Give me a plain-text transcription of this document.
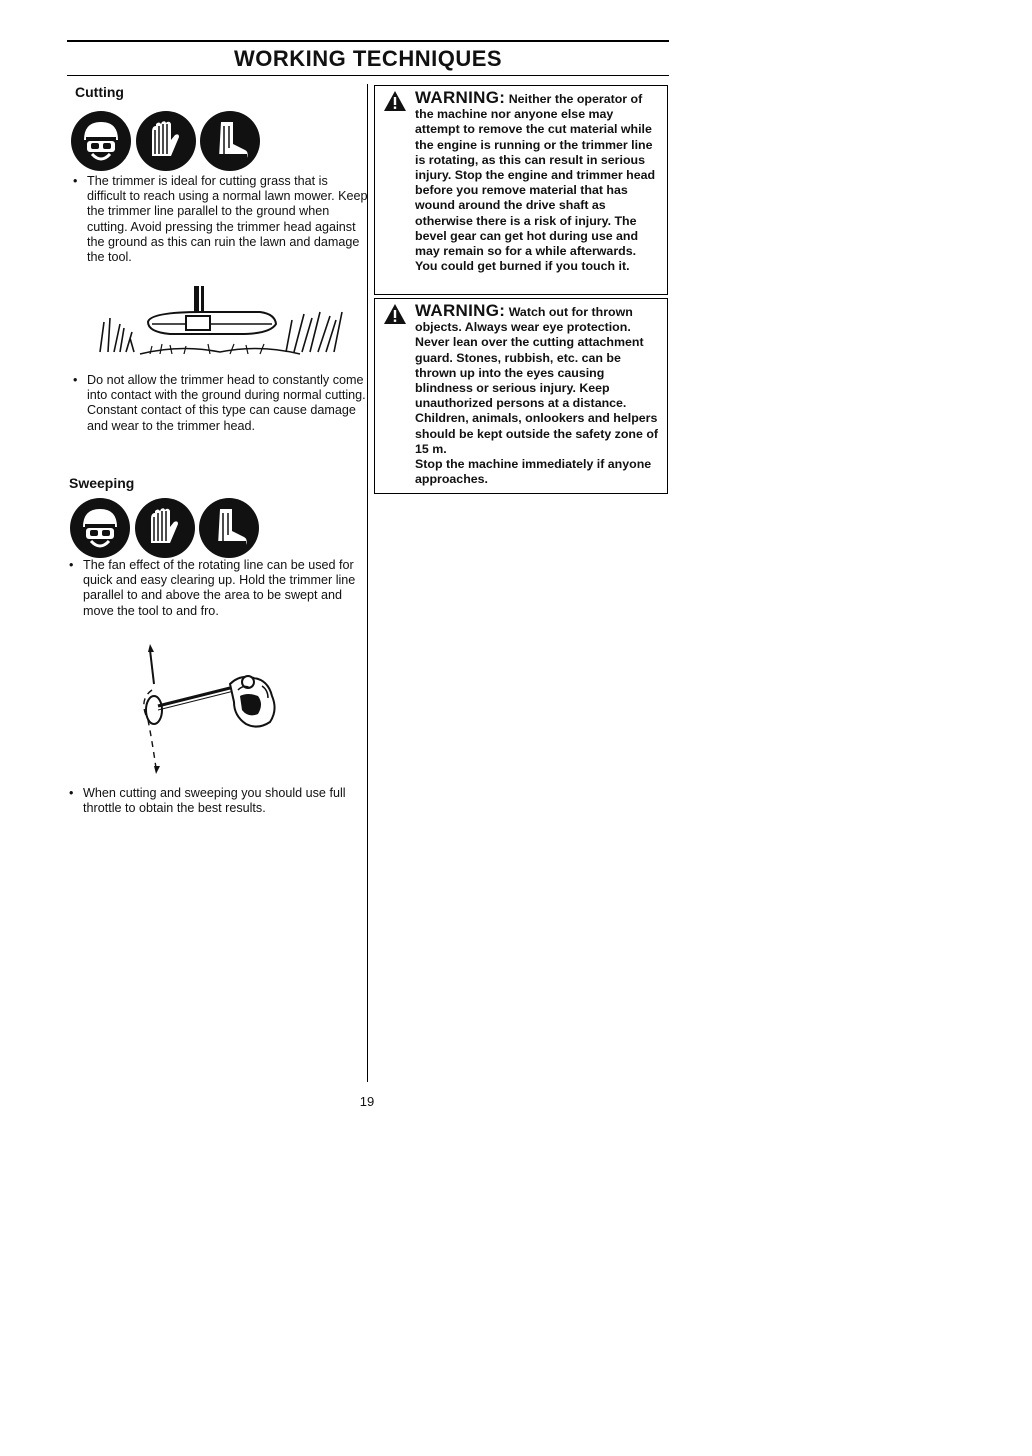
WORKING TECHNIQUES
Cutting
• The trimmer is ideal for cutting grass that is difficult to reach using a normal lawn mower. Keep the trimmer line parallel to the ground when cutting. Avoid pressing the trimmer head against the ground as this can ruin the lawn and damage the tool.
• Do not allow the trimmer head to constantly come into contact with the ground during normal cutting. Constant contact of this type can cause damage and wear to the trimmer head.
Sweeping
• The fan effect of the rotating line can be used for quick and easy clearing up. Hold the trimmer line parallel to and above the area to be swept and move the tool to and fro.
• When cutting and sweeping you should use full throttle to obtain the best results.
WARNING: Neither the operator of the machine nor anyone else may attempt to remove the cut material while the engine is running or the trimmer line is rotating, as this can result in serious injury. Stop the engine and trimmer head before you remove material that has wound around the drive shaft as otherwise there is a risk of injury. The bevel gear can get hot during use and may remain so for a while afterwards. You could get burned if you touch it.
WARNING: Watch out for thrown objects. Always wear eye protection. Never lean over the cutting attachment guard. Stones, rubbish, etc. can be thrown up into the eyes causing blindness or serious injury. Keep unauthorized persons at a distance. Children, animals, onlookers and helpers should be kept outside the safety zone of 15 m.
Stop the machine immediately if anyone approaches.
19
